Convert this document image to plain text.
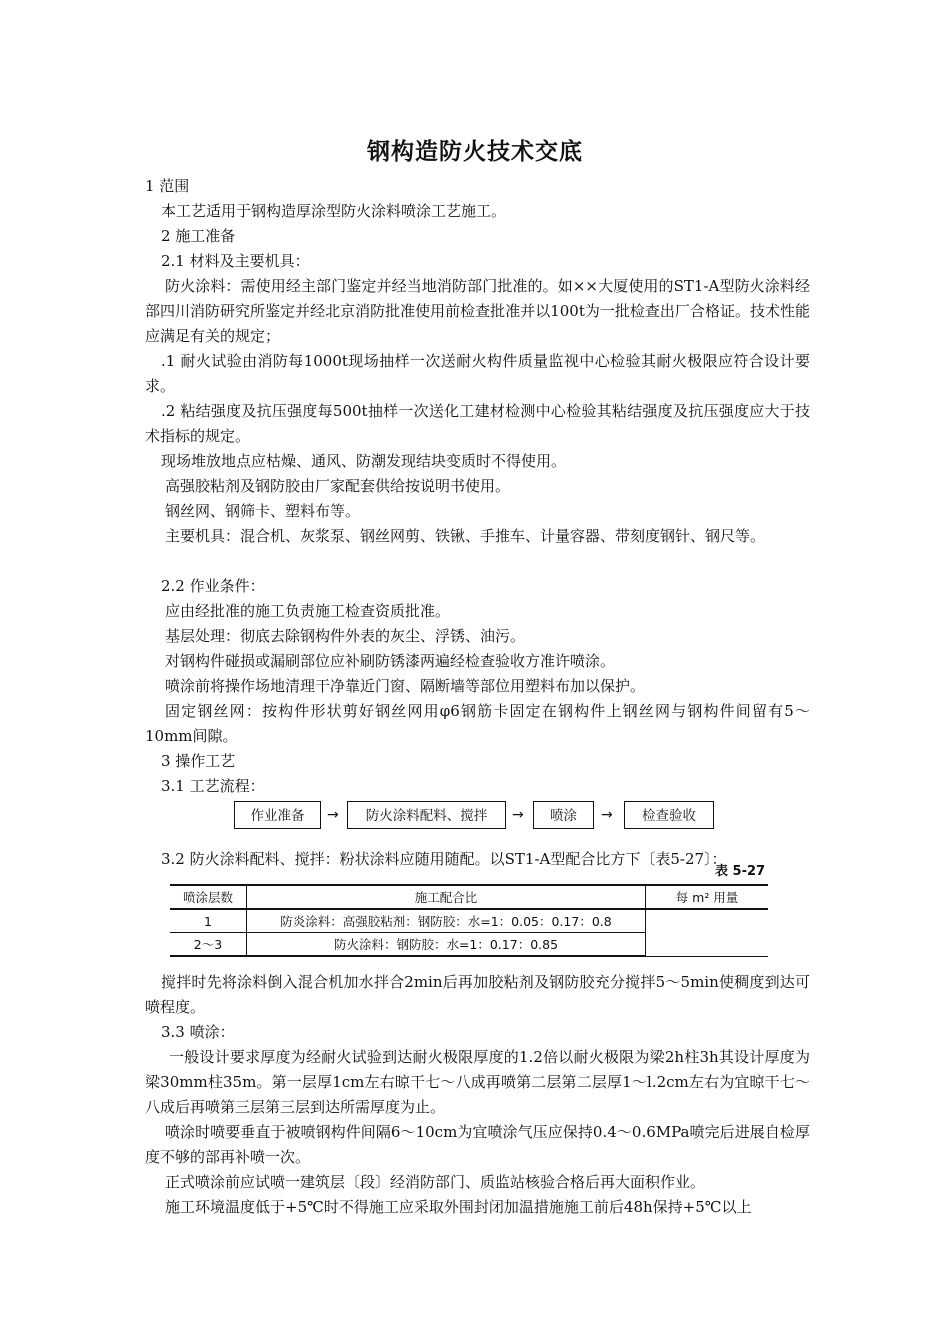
钢构造防火技术交底

1 范围

本工艺适用于钢构造厚涂型防火涂料喷涂工艺施工。

2 施工准备

2.1 材料及主要机具：

防火涂料：需使用经主部门鉴定并经当地消防部门批准的。如××大厦使用的ST1-A型防火涂料经部四川消防研究所鉴定并经北京消防批准使用前检查批准并以100t为一批检查出厂合格证。技术性能应满足有关的规定；

.1 耐火试验由消防每1000t现场抽样一次送耐火构件质量监视中心检验其耐火极限应符合设计要求。

.2 粘结强度及抗压强度每500t抽样一次送化工建材检测中心检验其粘结强度及抗压强度应大于技术指标的规定。

现场堆放地点应枯燥、通风、防潮发现结块变质时不得使用。

高强胶粘剂及钢防胶由厂家配套供给按说明书使用。

钢丝网、钢筛卡、塑料布等。

主要机具：混合机、灰浆泵、钢丝网剪、铁锹、手推车、计量容器、带刻度钢针、钢尺等。

2.2 作业条件：

应由经批准的施工负责施工检查资质批准。

基层处理：彻底去除钢构件外表的灰尘、浮锈、油污。

对钢构件碰损或漏刷部位应补刷防锈漆两遍经检查验收方准许喷涂。

喷涂前将操作场地清理干净靠近门窗、隔断墙等部位用塑料布加以保护。

固定钢丝网：按构件形状剪好钢丝网用φ6钢筋卡固定在钢构件上钢丝网与钢构件间留有5～10mm间隙。

3 操作工艺

3.1 工艺流程：

作业准备	→	防火涂料配料、搅拌	→	喷涂	→	检查验收

3.2 防火涂料配料、搅拌：粉状涂料应随用随配。以ST1-A型配合比方下〔表5-27〕：

表 5-27
喷涂层数	施工配合比	每 m² 用量
1	防炎涂料：高强胶粘剂：钢防胶：水=1：0.05：0.17：0.8	
2～3	防火涂料：钢防胶：水=1：0.17：0.85	

搅拌时先将涂料倒入混合机加水拌合2min后再加胶粘剂及钢防胶充分搅拌5～5min使稠度到达可喷程度。

3.3 喷涂：

一般设计要求厚度为经耐火试验到达耐火极限厚度的1.2倍以耐火极限为梁2h柱3h其设计厚度为梁30mm柱35m。第一层厚1cm左右晾干七～八成再喷第二层第二层厚1～l.2cm左右为宜晾干七～八成后再喷第三层第三层到达所需厚度为止。

喷涂时喷要垂直于被喷钢构件间隔6～10cm为宜喷涂气压应保持0.4～0.6MPa喷完后进展自检厚度不够的部再补喷一次。

正式喷涂前应试喷一建筑层〔段〕经消防部门、质监站核验合格后再大面积作业。

施工环境温度低于+5℃时不得施工应采取外围封闭加温措施施工前后48h保持+5℃以上
